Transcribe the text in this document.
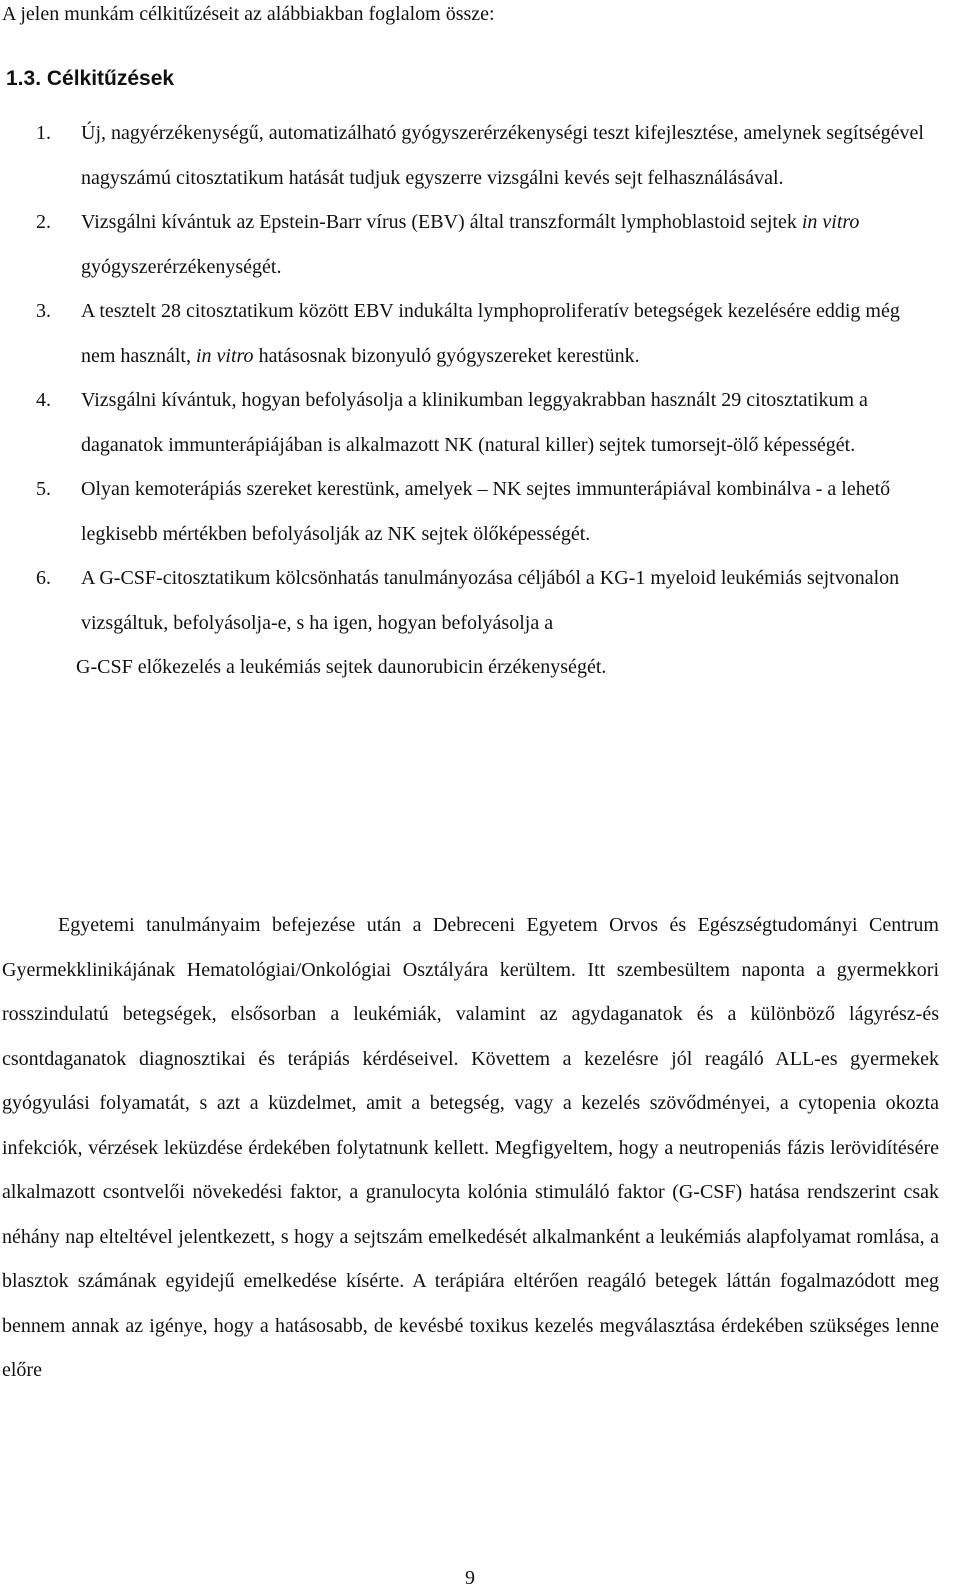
A jelen munkám célkitűzéseit az alábbiakban foglalom össze:

1.3. Célkitűzések
1.	Új, nagyérzékenységű, automatizálható gyógyszerérzékenységi teszt kifejlesztése, amelynek segítségével nagyszámú citosztatikum hatását tudjuk egyszerre vizsgálni kevés sejt felhasználásával.
2.	Vizsgálni kívántuk az Epstein-Barr vírus (EBV) által transzformált lymphoblastoid sejtek in vitro gyógyszerérzékenységét.
3.	A tesztelt 28 citosztatikum között EBV indukálta lymphoproliferatív betegségek kezelésére eddig még nem használt, in vitro hatásosnak bizonyuló gyógyszereket kerestünk.
4.	Vizsgálni kívántuk, hogyan befolyásolja a klinikumban leggyakrabban használt 29 citosztatikum a daganatok immunterápiájában is alkalmazott NK (natural killer) sejtek tumorsejt-ölő képességét.
5.	Olyan kemoterápiás szereket kerestünk, amelyek – NK sejtes immunterápiával kombinálva - a lehető legkisebb mértékben befolyásolják az NK sejtek ölőképességét.
6.	A G-CSF-citosztatikum kölcsönhatás tanulmányozása céljából a KG-1 myeloid leukémiás sejtvonalon vizsgáltuk, befolyásolja-e, s ha igen, hogyan befolyásolja a
G-CSF előkezelés a leukémiás sejtek daunorubicin érzékenységét.

Egyetemi tanulmányaim befejezése után a Debreceni Egyetem Orvos és Egészségtudományi Centrum Gyermekklinikájának Hematológiai/Onkológiai Osztályára kerültem. Itt szembesültem naponta a gyermekkori rosszindulatú betegségek, elsősorban a leukémiák, valamint az agydaganatok és a különböző lágyrész-és csontdaganatok diagnosztikai és terápiás kérdéseivel. Követtem a kezelésre jól reagáló ALL-es gyermekek gyógyulási folyamatát, s azt a küzdelmet, amit a betegség, vagy a kezelés szövődményei, a cytopenia okozta infekciók, vérzések leküzdése érdekében folytatnunk kellett. Megfigyeltem, hogy a neutropeniás fázis lerövidítésére alkalmazott csontvelői növekedési faktor, a granulocyta kolónia stimuláló faktor (G-CSF) hatása rendszerint csak néhány nap elteltével jelentkezett, s hogy a sejtszám emelkedését alkalmanként a leukémiás alapfolyamat romlása, a blasztok számának egyidejű emelkedése kísérte. A terápiára eltérően reagáló betegek láttán fogalmazódott meg bennem annak az igénye, hogy a hatásosabb, de kevésbé toxikus kezelés megválasztása érdekében szükséges lenne előre

9
